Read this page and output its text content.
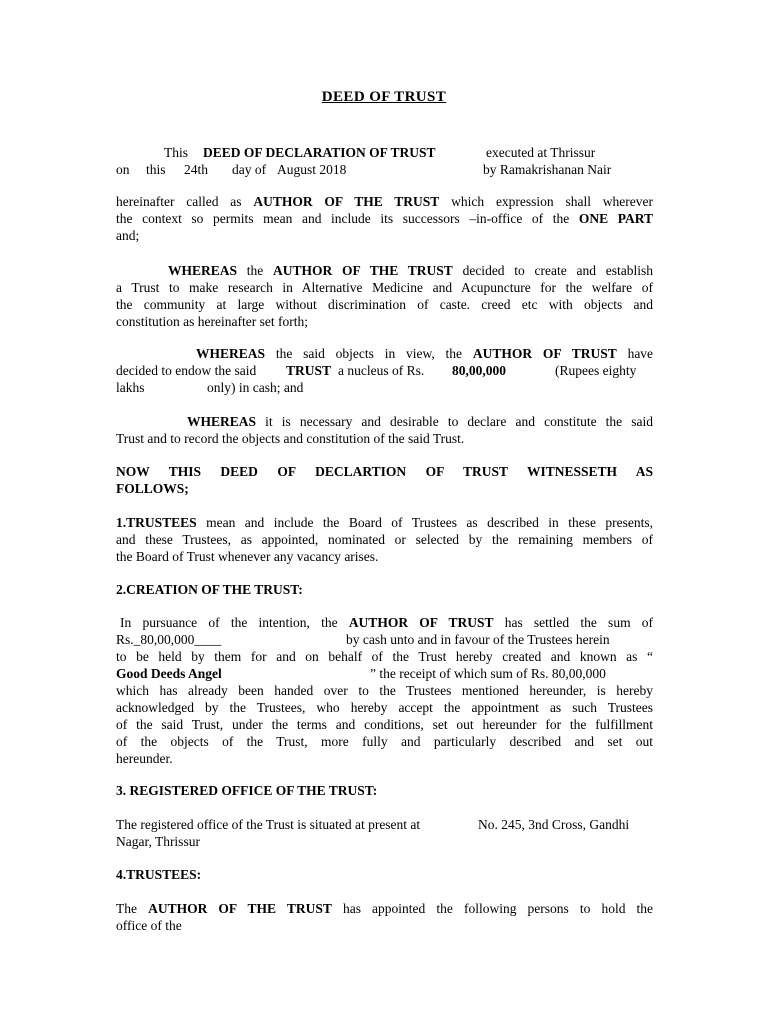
DEED OF TRUST
This DEED OF DECLARATION OF TRUST	executed at Thrissur
on this 24th day of August 2018	by Ramakrishanan Nair
hereinafter called as AUTHOR OF THE TRUST which expression shall wherever
the context so permits mean and include its successors –in-office of the ONE PART
and;
WHEREAS the AUTHOR OF THE TRUST decided to create and establish
a Trust to make research in Alternative Medicine and Acupuncture for the welfare of
the community at large without discrimination of caste. creed etc with objects and
constitution as hereinafter set forth;
WHEREAS the said objects in view, the AUTHOR OF TRUST have
decided to endow the said TRUST a nucleus of Rs. 80,00,000	(Rupees eighty
lakhs	only) in cash; and
WHEREAS it is necessary and desirable to declare and constitute the said
Trust and to record the objects and constitution of the said Trust.
NOW THIS DEED OF DECLARTION OF TRUST WITNESSETH AS
FOLLOWS;
1.TRUSTEES mean and include the Board of Trustees as described in these presents,
and these Trustees, as appointed, nominated or selected by the remaining members of
the Board of Trust whenever any vacancy arises.
2.CREATION OF THE TRUST:
In pursuance of the intention, the AUTHOR OF TRUST has settled the sum of
Rs._80,00,000____	by cash unto and in favour of the Trustees herein
to be held by them for and on behalf of the Trust hereby created and known as “
Good Deeds Angel	” the receipt of which sum of Rs. 80,00,000
which has already been handed over to the Trustees mentioned hereunder, is hereby
acknowledged by the Trustees, who hereby accept the appointment as such Trustees
of the said Trust, under the terms and conditions, set out hereunder for the fulfillment
of the objects of the Trust, more fully and particularly described and set out
hereunder.
3. REGISTERED OFFICE OF THE TRUST:
The registered office of the Trust is situated at present at	No. 245, 3nd Cross, Gandhi
Nagar, Thrissur
4.TRUSTEES:
The AUTHOR OF THE TRUST has appointed the following persons to hold the
office of the
